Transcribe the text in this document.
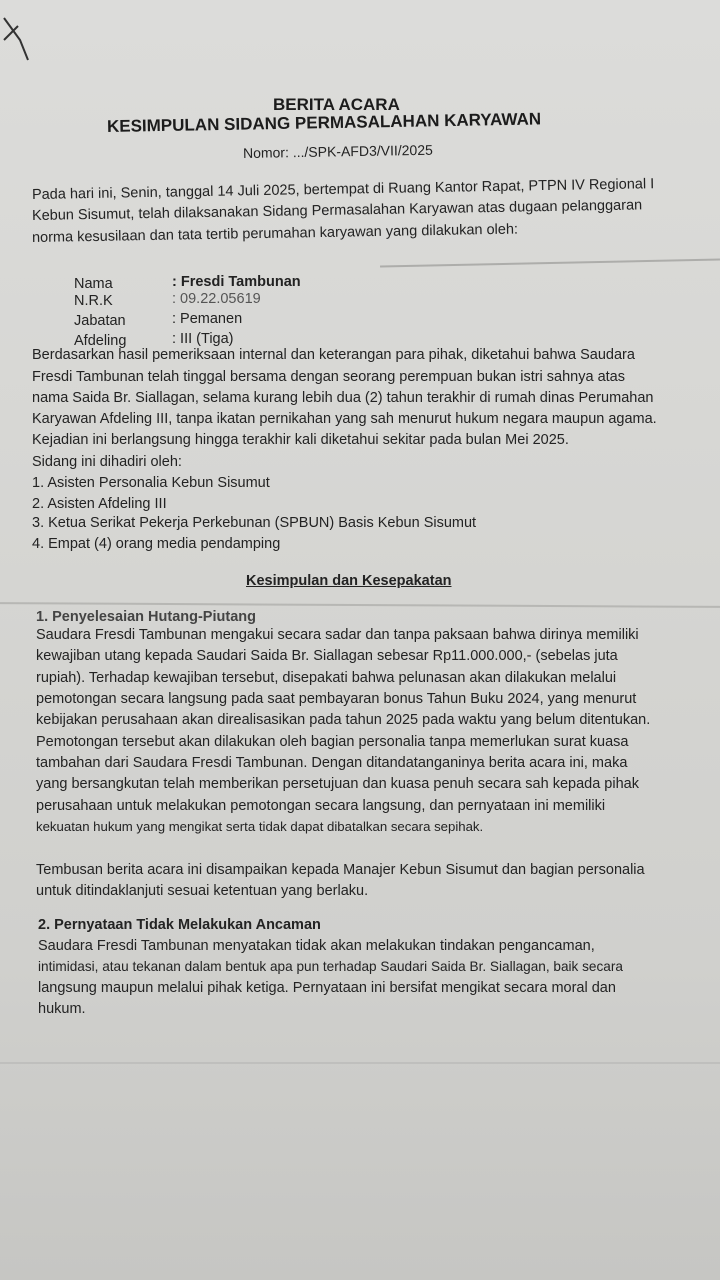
BERITA ACARA
KESIMPULAN SIDANG PERMASALAHAN KARYAWAN
Nomor: .../SPK-AFD3/VII/2025
Pada hari ini, Senin, tanggal 14 Juli 2025, bertempat di Ruang Kantor Rapat, PTPN IV Regional I
Kebun Sisumut, telah dilaksanakan Sidang Permasalahan Karyawan atas dugaan pelanggaran
norma kesusilaan dan tata tertib perumahan karyawan yang dilakukan oleh:
Nama	: Fresdi Tambunan
N.R.K	: 09.22.05619
Jabatan	: Pemanen
Afdeling	: III (Tiga)
Berdasarkan hasil pemeriksaan internal dan keterangan para pihak, diketahui bahwa Saudara
Fresdi Tambunan telah tinggal bersama dengan seorang perempuan bukan istri sahnya atas
nama Saida Br. Siallagan, selama kurang lebih dua (2) tahun terakhir di rumah dinas Perumahan
Karyawan Afdeling III, tanpa ikatan pernikahan yang sah menurut hukum negara maupun agama.
Kejadian ini berlangsung hingga terakhir kali diketahui sekitar pada bulan Mei 2025.
Sidang ini dihadiri oleh:
1. Asisten Personalia Kebun Sisumut
2. Asisten Afdeling III
3. Ketua Serikat Pekerja Perkebunan (SPBUN) Basis Kebun Sisumut
4. Empat (4) orang media pendamping
Kesimpulan dan Kesepakatan
1. Penyelesaian Hutang-Piutang
Saudara Fresdi Tambunan mengakui secara sadar dan tanpa paksaan bahwa dirinya memiliki
kewajiban utang kepada Saudari Saida Br. Siallagan sebesar Rp11.000.000,- (sebelas juta
rupiah). Terhadap kewajiban tersebut, disepakati bahwa pelunasan akan dilakukan melalui
pemotongan secara langsung pada saat pembayaran bonus Tahun Buku 2024, yang menurut
kebijakan perusahaan akan direalisasikan pada tahun 2025 pada waktu yang belum ditentukan.
Pemotongan tersebut akan dilakukan oleh bagian personalia tanpa memerlukan surat kuasa
tambahan dari Saudara Fresdi Tambunan. Dengan ditandatanganinya berita acara ini, maka
yang bersangkutan telah memberikan persetujuan dan kuasa penuh secara sah kepada pihak
perusahaan untuk melakukan pemotongan secara langsung, dan pernyataan ini memiliki
kekuatan hukum yang mengikat serta tidak dapat dibatalkan secara sepihak.
Tembusan berita acara ini disampaikan kepada Manajer Kebun Sisumut dan bagian personalia
untuk ditindaklanjuti sesuai ketentuan yang berlaku.
2. Pernyataan Tidak Melakukan Ancaman
Saudara Fresdi Tambunan menyatakan tidak akan melakukan tindakan pengancaman,
intimidasi, atau tekanan dalam bentuk apa pun terhadap Saudari Saida Br. Siallagan, baik secara
langsung maupun melalui pihak ketiga. Pernyataan ini bersifat mengikat secara moral dan
hukum.
